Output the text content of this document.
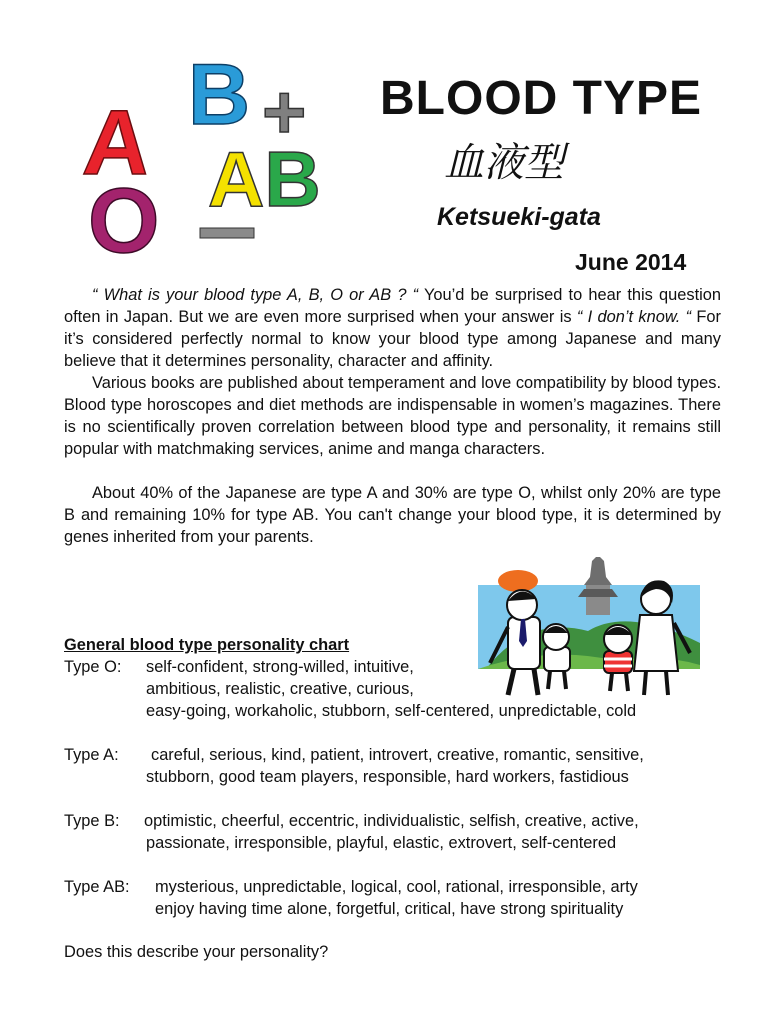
B +
A AB
O
BLOOD TYPE
血液型
Ketsueki-gata
June 2014

“ What is your blood type A, B, O or AB ? “ You’d be surprised to hear this question often in Japan. But we are even more surprised when your answer is “ I don’t know. “ For it’s considered perfectly normal to know your blood type among Japanese and many believe that it determines personality, character and affinity.

Various books are published about temperament and love compatibility by blood types. Blood type horoscopes and diet methods are indispensable in women’s magazines. There is no scientifically proven correlation between blood type and personality, it remains still popular with matchmaking services, anime and manga characters.

About 40% of the Japanese are type A and 30% are type O, whilst only 20% are type B and remaining 10% for type AB. You can't change your blood type, it is determined by genes inherited from your parents.

General blood type personality chart
Type O: self-confident, strong-willed, intuitive,
ambitious, realistic, creative, curious,
easy-going, workaholic, stubborn, self-centered, unpredictable, cold
Type A: careful, serious, kind, patient, introvert, creative, romantic, sensitive,
stubborn, good team players, responsible, hard workers, fastidious
Type B: optimistic, cheerful, eccentric, individualistic, selfish, creative, active,
passionate, irresponsible, playful, elastic, extrovert, self-centered
Type AB: mysterious, unpredictable, logical, cool, rational, irresponsible, arty
enjoy having time alone, forgetful, critical, have strong spirituality
Does this describe your personality?
